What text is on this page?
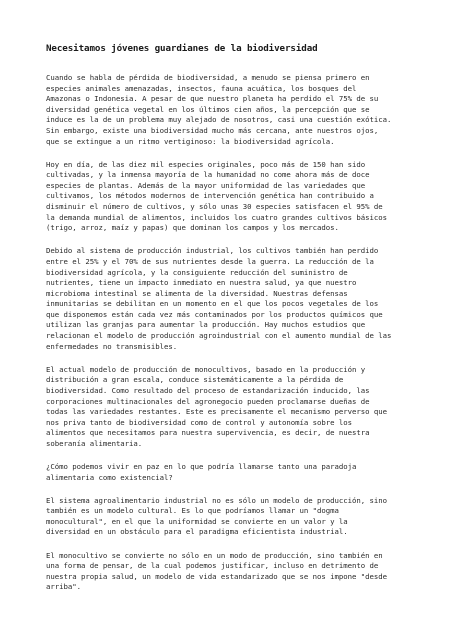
Necesitamos jóvenes guardianes de la biodiversidad

Cuando se habla de pérdida de biodiversidad, a menudo se piensa primero en
especies animales amenazadas, insectos, fauna acuática, los bosques del
Amazonas o Indonesia. A pesar de que nuestro planeta ha perdido el 75% de su
diversidad genética vegetal en los últimos cien años, la percepción que se
induce es la de un problema muy alejado de nosotros, casi una cuestión exótica.
Sin embargo, existe una biodiversidad mucho más cercana, ante nuestros ojos,
que se extingue a un ritmo vertiginoso: la biodiversidad agrícola.

Hoy en día, de las diez mil especies originales, poco más de 150 han sido
cultivadas, y la inmensa mayoría de la humanidad no come ahora más de doce
especies de plantas. Además de la mayor uniformidad de las variedades que
cultivamos, los métodos modernos de intervención genética han contribuido a
disminuir el número de cultivos, y sólo unas 30 especies satisfacen el 95% de
la demanda mundial de alimentos, incluidos los cuatro grandes cultivos básicos
(trigo, arroz, maíz y papas) que dominan los campos y los mercados.

Debido al sistema de producción industrial, los cultivos también han perdido
entre el 25% y el 70% de sus nutrientes desde la guerra. La reducción de la
biodiversidad agrícola, y la consiguiente reducción del suministro de
nutrientes, tiene un impacto inmediato en nuestra salud, ya que nuestro
microbioma intestinal se alimenta de la diversidad. Nuestras defensas
inmunitarias se debilitan en un momento en el que los pocos vegetales de los
que disponemos están cada vez más contaminados por los productos químicos que
utilizan las granjas para aumentar la producción. Hay muchos estudios que
relacionan el modelo de producción agroindustrial con el aumento mundial de las
enfermedades no transmisibles.

El actual modelo de producción de monocultivos, basado en la producción y
distribución a gran escala, conduce sistemáticamente a la pérdida de
biodiversidad. Como resultado del proceso de estandarización inducido, las
corporaciones multinacionales del agronegocio pueden proclamarse dueñas de
todas las variedades restantes. Este es precisamente el mecanismo perverso que
nos priva tanto de biodiversidad como de control y autonomía sobre los
alimentos que necesitamos para nuestra supervivencia, es decir, de nuestra
soberanía alimentaria.

¿Cómo podemos vivir en paz en lo que podría llamarse tanto una paradoja
alimentaria como existencial?

El sistema agroalimentario industrial no es sólo un modelo de producción, sino
también es un modelo cultural. Es lo que podríamos llamar un "dogma
monocultural", en el que la uniformidad se convierte en un valor y la
diversidad en un obstáculo para el paradigma eficientista industrial.

El monocultivo se convierte no sólo en un modo de producción, sino también en
una forma de pensar, de la cual podemos justificar, incluso en detrimento de
nuestra propia salud, un modelo de vida estandarizado que se nos impone "desde
arriba".
